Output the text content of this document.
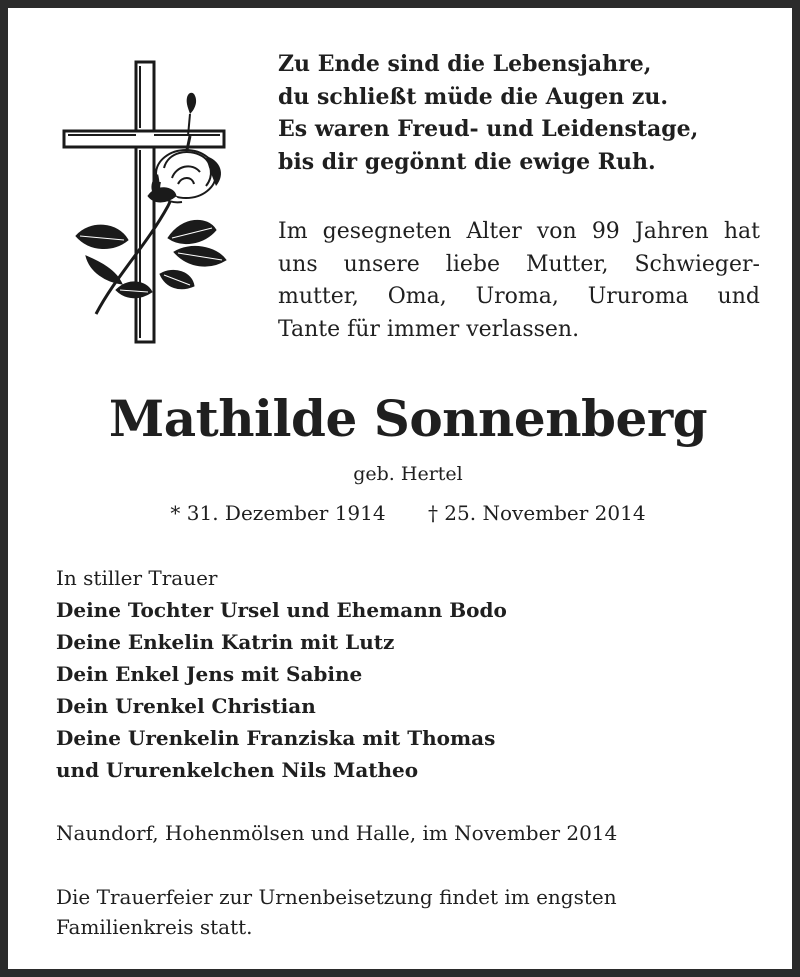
Zu Ende sind die Lebensjahre,
du schließt müde die Augen zu.
Es waren Freud- und Leidenstage,
bis dir gegönnt die ewige Ruh.
Im gesegneten Alter von 99 Jahren hat
uns unsere liebe Mutter, Schwieger-
mutter, Oma, Uroma, Ururoma und
Tante für immer verlassen.
Mathilde Sonnenberg
geb. Hertel
* 31. Dezember 1914 † 25. November 2014
In stiller Trauer
Deine Tochter Ursel und Ehemann Bodo
Deine Enkelin Katrin mit Lutz
Dein Enkel Jens mit Sabine
Dein Urenkel Christian
Deine Urenkelin Franziska mit Thomas
und Ururenkelchen Nils Matheo
Naundorf, Hohenmölsen und Halle, im November 2014
Die Trauerfeier zur Urnenbeisetzung findet im engsten
Familienkreis statt.
